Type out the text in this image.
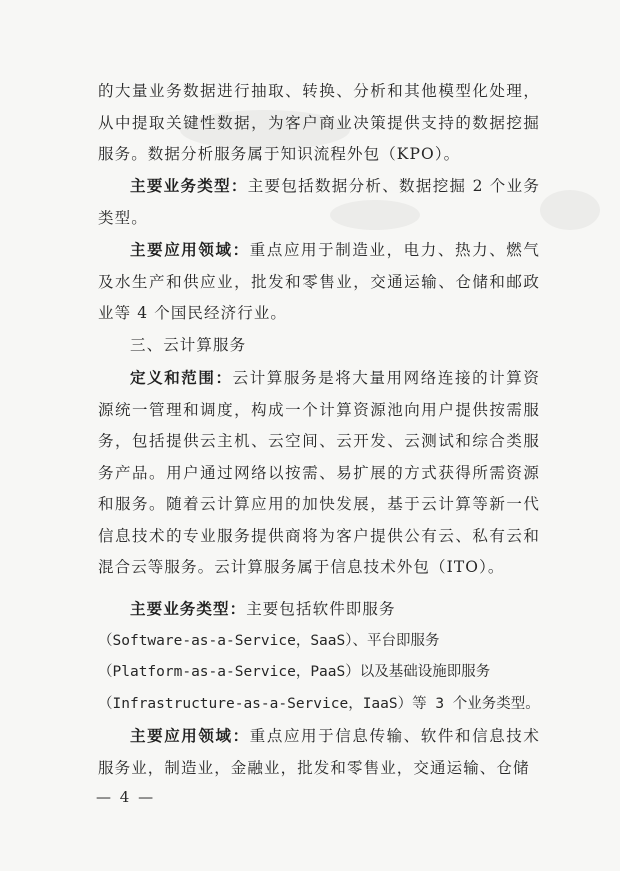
的大量业务数据进行抽取、转换、分析和其他模型化处理，从中提取关键性数据，为客户商业决策提供支持的数据挖掘服务。数据分析服务属于知识流程外包（KPO）。
主要业务类型：主要包括数据分析、数据挖掘 2 个业务类型。
主要应用领域：重点应用于制造业，电力、热力、燃气及水生产和供应业，批发和零售业，交通运输、仓储和邮政业等 4 个国民经济行业。
三、云计算服务
定义和范围：云计算服务是将大量用网络连接的计算资源统一管理和调度，构成一个计算资源池向用户提供按需服务，包括提供云主机、云空间、云开发、云测试和综合类服务产品。用户通过网络以按需、易扩展的方式获得所需资源和服务。随着云计算应用的加快发展，基于云计算等新一代信息技术的专业服务提供商将为客户提供公有云、私有云和混合云等服务。云计算服务属于信息技术外包（ITO）。
主要业务类型：主要包括软件即服务
（Software-as-a-Service，SaaS）、平台即服务
（Platform-as-a-Service，PaaS）以及基础设施即服务
（Infrastructure-as-a-Service，IaaS）等 3 个业务类型。
主要应用领域：重点应用于信息传输、软件和信息技术服务业，制造业，金融业，批发和零售业，交通运输、仓储
— 4 —
